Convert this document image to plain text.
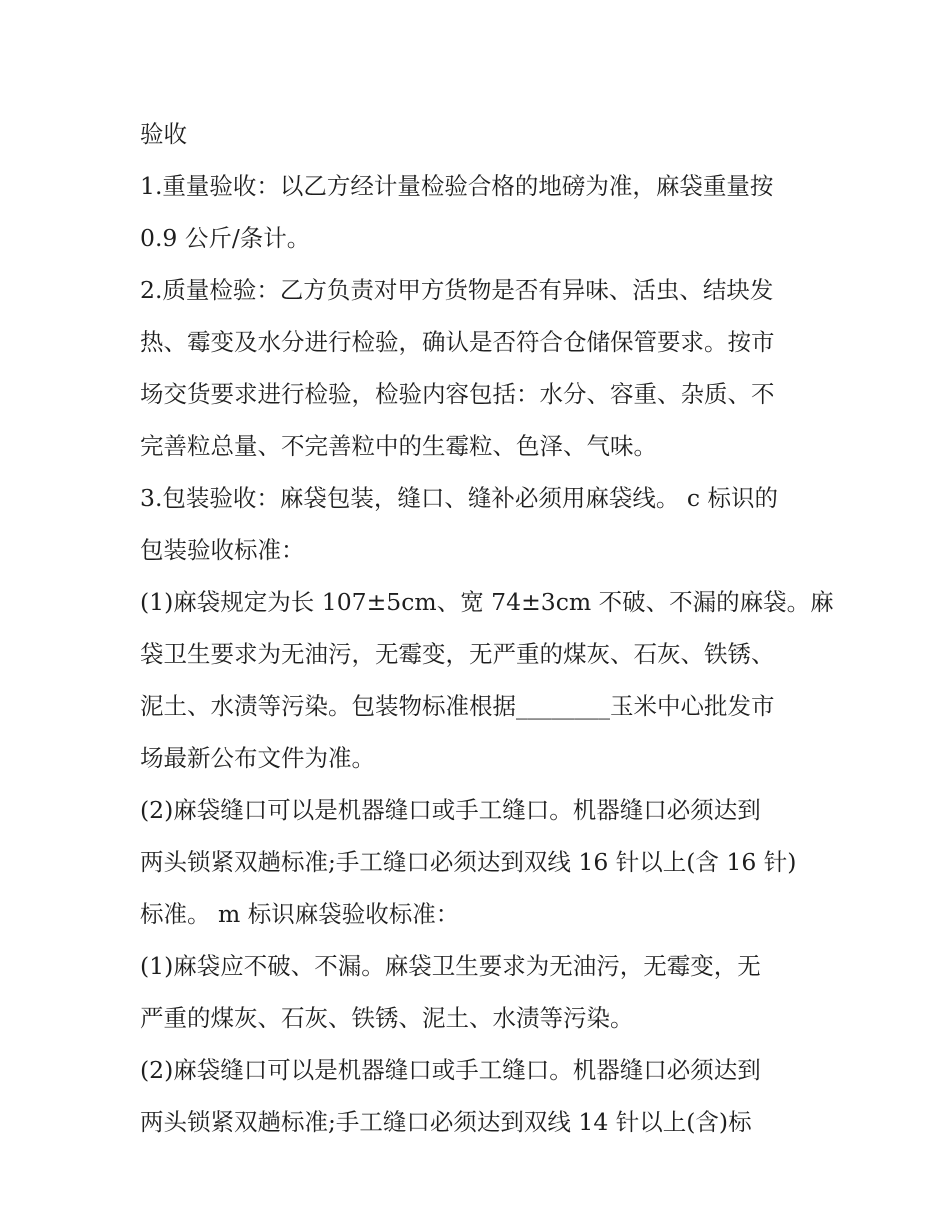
验收
1.重量验收：以乙方经计量检验合格的地磅为准，麻袋重量按
0.9 公斤/条计。
2.质量检验：乙方负责对甲方货物是否有异味、活虫、结块发
热、霉变及水分进行检验，确认是否符合仓储保管要求。按市
场交货要求进行检验，检验内容包括：水分、容重、杂质、不
完善粒总量、不完善粒中的生霉粒、色泽、气味。
3.包装验收：麻袋包装，缝口、缝补必须用麻袋线。 c 标识的
包装验收标准：
(1)麻袋规定为长 107±5cm、宽 74±3cm 不破、不漏的麻袋。麻
袋卫生要求为无油污，无霉变，无严重的煤灰、石灰、铁锈、
泥土、水渍等污染。包装物标准根据________玉米中心批发市
场最新公布文件为准。
(2)麻袋缝口可以是机器缝口或手工缝口。机器缝口必须达到
两头锁紧双趟标准;手工缝口必须达到双线 16 针以上(含 16 针)
标准。 m 标识麻袋验收标准：
(1)麻袋应不破、不漏。麻袋卫生要求为无油污，无霉变，无
严重的煤灰、石灰、铁锈、泥土、水渍等污染。
(2)麻袋缝口可以是机器缝口或手工缝口。机器缝口必须达到
两头锁紧双趟标准;手工缝口必须达到双线 14 针以上(含)标
